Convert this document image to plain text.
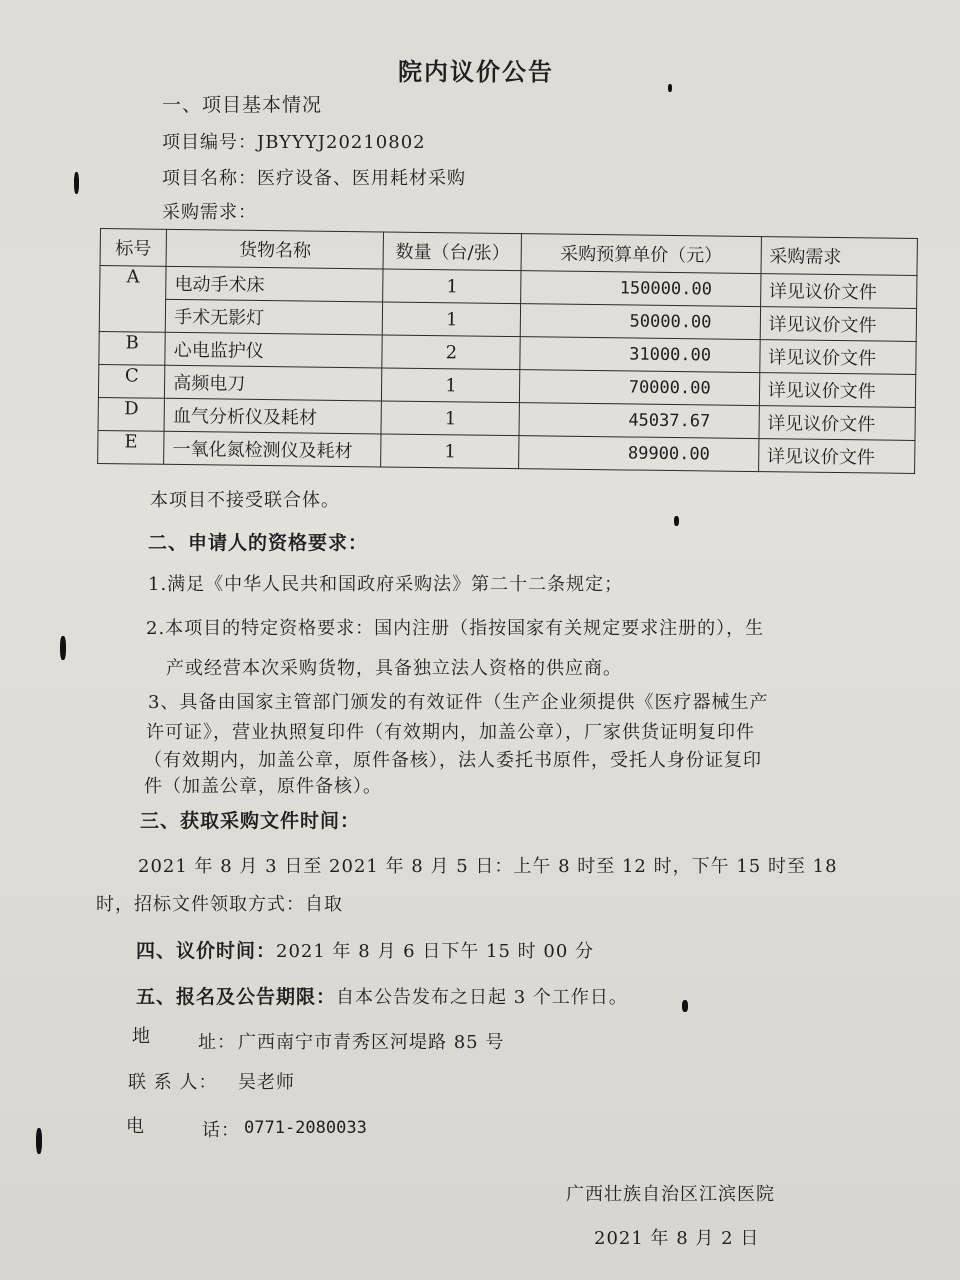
院内议价公告
一、项目基本情况
项目编号：JBYYYJ20210802
项目名称：医疗设备、医用耗材采购
采购需求：
标号	货物名称	数量（台/张）	采购预算单价（元）	采购需求
A	电动手术床	1	150000.00	详见议价文件
	手术无影灯	1	50000.00	详见议价文件
B	心电监护仪	2	31000.00	详见议价文件
C	高频电刀	1	70000.00	详见议价文件
D	血气分析仪及耗材	1	45037.67	详见议价文件
E	一氧化氮检测仪及耗材	1	89900.00	详见议价文件
本项目不接受联合体。
二、申请人的资格要求：
1.满足《中华人民共和国政府采购法》第二十二条规定；
2.本项目的特定资格要求：国内注册（指按国家有关规定要求注册的），生
产或经营本次采购货物，具备独立法人资格的供应商。
3、具备由国家主管部门颁发的有效证件（生产企业须提供《医疗器械生产
许可证》，营业执照复印件（有效期内，加盖公章），厂家供货证明复印件
（有效期内，加盖公章，原件备核），法人委托书原件，受托人身份证复印
件（加盖公章，原件备核）。
三、获取采购文件时间：
2021 年 8 月 3 日至 2021 年 8 月 5 日：上午 8 时至 12 时，下午 15 时至 18
时，招标文件领取方式：自取
四、议价时间：2021 年 8 月 6 日下午 15 时 00 分
五、报名及公告期限：自本公告发布之日起 3 个工作日。
地	址： 广西南宁市青秀区河堤路 85 号
联 系 人： 吴老师
电	话： 0771-2080033
广西壮族自治区江滨医院
2021 年 8 月 2 日
